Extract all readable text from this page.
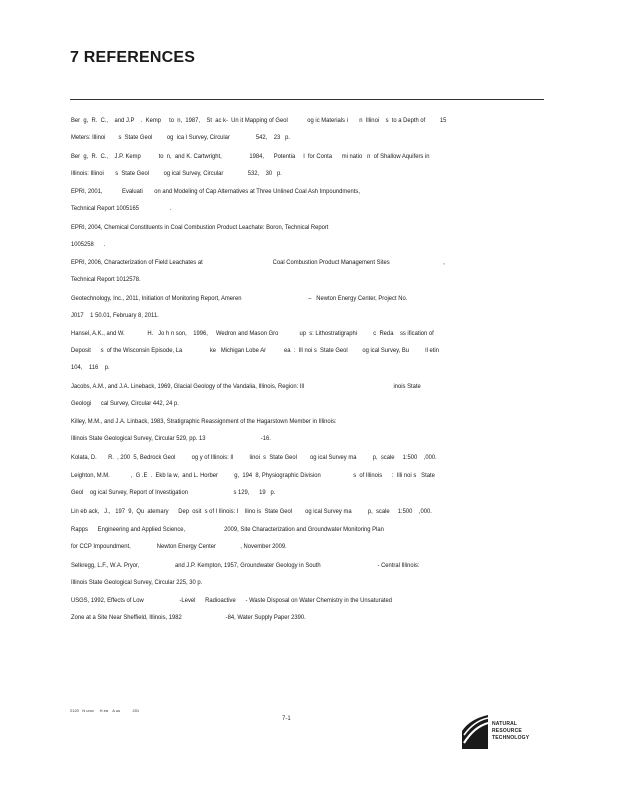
7 REFERENCES
Ber  g,  R.  C.,    and J.P    .  Kemp     to  n,  1987,    St  ac k-  Un it Mapping of Geol            og ic Materials i       n  Illinoi    s  to a Depth of         15
Meters: Illinoi        s  State Geol         og  ica l Survey, Circular                542,    23   p.
Ber  g,  R.  C.,    J.P. Kemp           to  n,  and K. Cartwright,                 1984,      Potentia     l  for Conta      mi natio   n  of Shallow Aquifers in
Illinois: Illinoi       s  State Geol         og ical Survey, Circular               532,    30   p.
EPRI, 2001,            Evaluati       on and Modeling of Cap Alternatives at Three Unlined Coal Ash Impoundments,
Technical Report 1005165                   .
EPRI, 2004, Chemical Constituents in Coal Combustion Product Leachate: Boron, Technical Report
1005258      .
EPRI, 2006, Characterization of Field Leachates at                                           Coal Combustion Product Management Sites                                 ,
Technical Report 1012578.
Geotechnology, Inc., 2011, Initiation of Monitoring Report, Ameren                                         –   Newton Energy Center, Project No.
J017    1 50.01, February 8, 2011.
Hansel, A.K., and W.              H.   Jo h n son,    1996,     Wedron and Mason Gro             up  s: Lithostratigraphi          c  Reda    ss ification of
Deposit      s  of the Wisconsin Episode, La                 ke   Michigan Lobe Ar           ea  :  Ill noi s  State Geol         og ical Survey, Bu          ll etin
104,    116    p.
Jacobs, A.M., and J.A. Lineback, 1969, Glacial Geology of the Vandalia, Illinois, Region: Ill                                                       inois State
Geologi      cal Survey, Circular 442, 24 p.
Killey, M.M., and J.A. Linback, 1983, Stratigraphic Reassignment of the Hagarstown Member in Illinois:
Illinois State Geological Survey, Circular 529, pp. 13                                  -16.
Kolata, D.       R.  , 200  5, Bedrock Geol          og y of Illinois: Il          linoi  s  State Geol        og ical Survey ma          p,  scale     1:500    ,000.
Leighton, M.M.             ,  G .E  .  Ekb la w,  and L. Horber          g,  194  8, Physiographic Division                    s  of Illinois      :  Illi noi s   State
Geol    og ical Survey, Report of Investigation                            s 129,      19   p.
Lin eb ack,   J.,   197  9,  Qu  atemary      Dep  osit  s of I llinois: I    llino is  State Geol        og ical Survey ma          p,  scale     1:500    ,000.
Rapps      Engineering and Applied Science,                        2009, Site Characterization and Groundwater Monitoring Plan
for CCP Impoundment,                Newton Energy Center               , November 2009.
Selkregg, L.F., W.A. Pryor,                      and J.P. Kempton, 1957, Groundwater Geology in South                                   - Central Illinois:
Illinois State Geological Survey, Circular 225, 30 p.
USGS, 1992, Effects of Low                      -Level      Radioactive      - Waste Disposal on Water Chemistry in the Unsaturated
Zone at a Site Near Sheffield, Illinois, 1982                           -84, Water Supply Paper 2390.
2120   N urov     H ea    A uu           201
7-1
NATURAL
RESOURCE
TECHNOLOGY
